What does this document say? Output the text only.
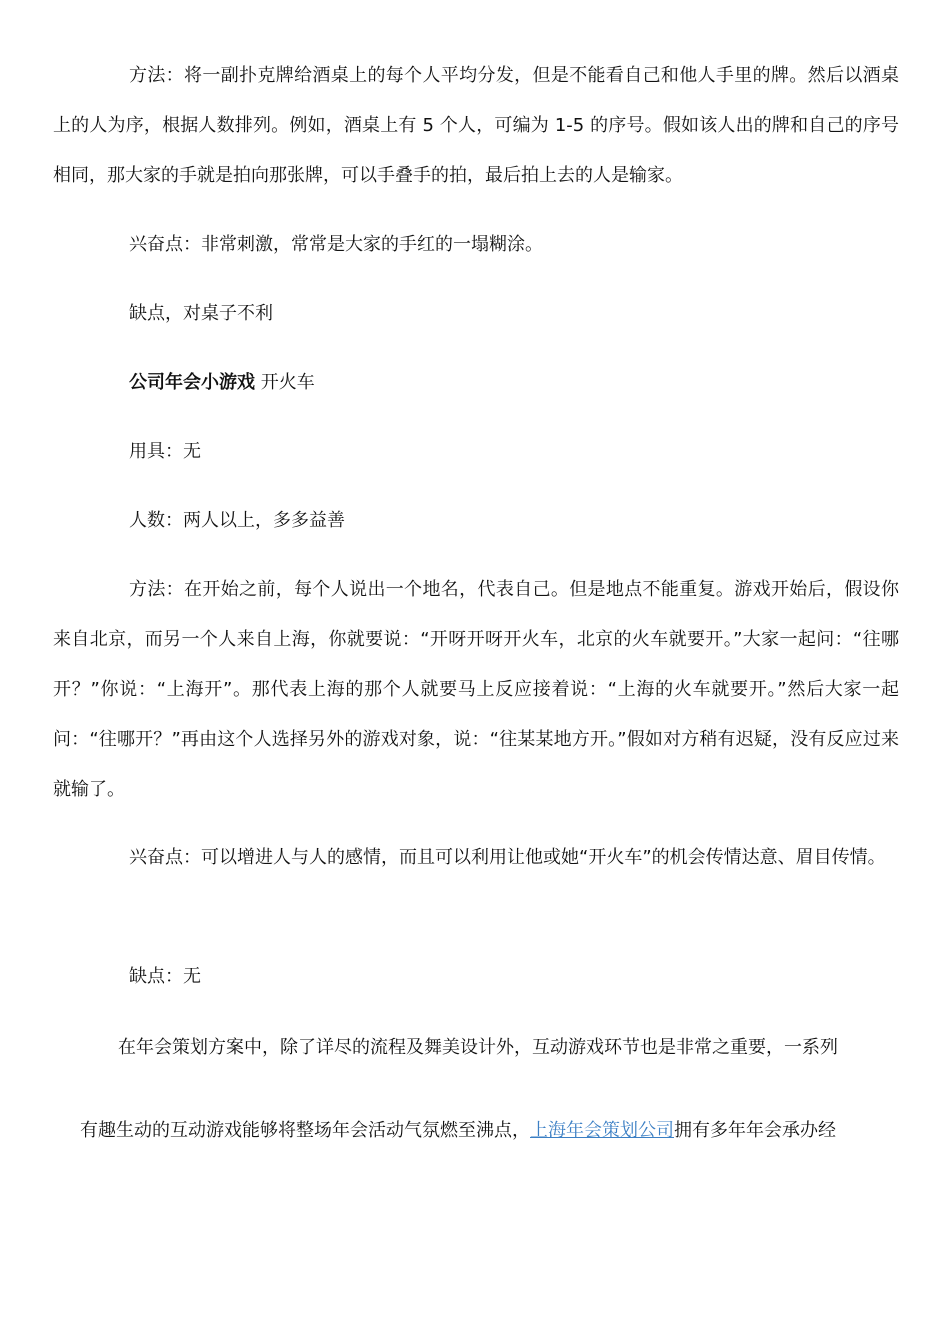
方法：将一副扑克牌给酒桌上的每个人平均分发，但是不能看自己和他人手里的牌。然后以酒桌上的人为序，根据人数排列。例如，酒桌上有 5 个人，可编为 1-5 的序号。假如该人出的牌和自己的序号相同，那大家的手就是拍向那张牌，可以手叠手的拍，最后拍上去的人是输家。

兴奋点：非常刺激，常常是大家的手红的一塌糊涂。

缺点，对桌子不利

公司年会小游戏 开火车

用具：无

人数：两人以上，多多益善

方法：在开始之前，每个人说出一个地名，代表自己。但是地点不能重复。游戏开始后，假设你来自北京，而另一个人来自上海，你就要说：“开呀开呀开火车，北京的火车就要开。”大家一起问：“往哪开？”你说：“上海开”。那代表上海的那个人就要马上反应接着说：“上海的火车就要开。”然后大家一起问：“往哪开？”再由这个人选择另外的游戏对象，说：“往某某地方开。”假如对方稍有迟疑，没有反应过来就输了。

兴奋点：可以增进人与人的感情，而且可以利用让他或她“开火车”的机会传情达意、眉目传情。

缺点：无

在年会策划方案中，除了详尽的流程及舞美设计外，互动游戏环节也是非常之重要，一系列

有趣生动的互动游戏能够将整场年会活动气氛燃至沸点，上海年会策划公司拥有多年年会承办经
